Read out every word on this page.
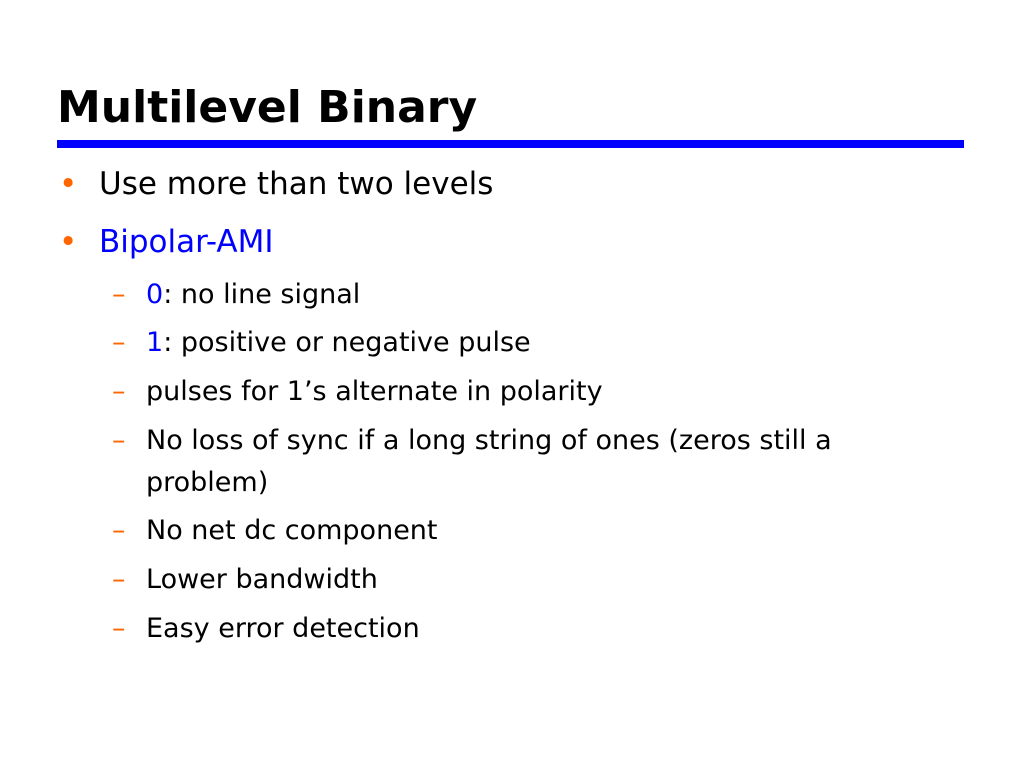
Multilevel Binary
• Use more than two levels
• Bipolar-AMI
– 0: no line signal
– 1: positive or negative pulse
– pulses for 1’s alternate in polarity
– No loss of sync if a long string of ones (zeros still a problem)
– No net dc component
– Lower bandwidth
– Easy error detection
